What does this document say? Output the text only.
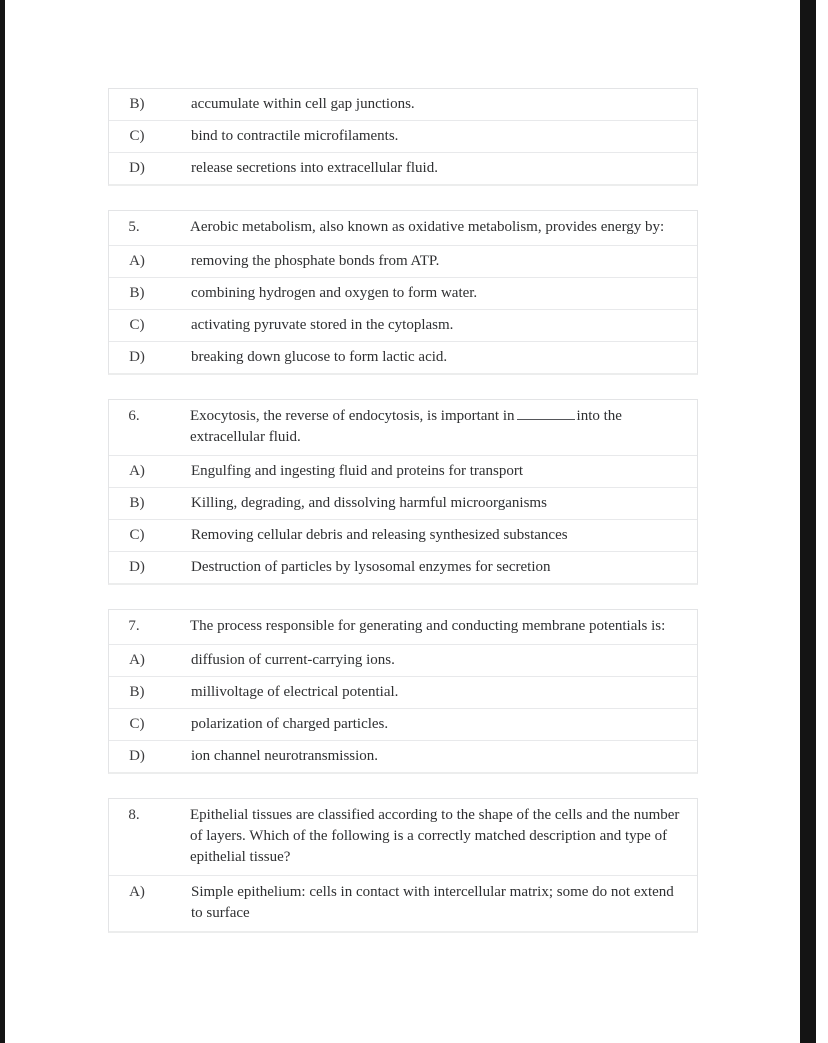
B)	accumulate within cell gap junctions.
C)	bind to contractile microfilaments.
D)	release secretions into extracellular fluid.
5.	Aerobic metabolism, also known as oxidative metabolism, provides energy by:
A)	removing the phosphate bonds from ATP.
B)	combining hydrogen and oxygen to form water.
C)	activating pyruvate stored in the cytoplasm.
D)	breaking down glucose to form lactic acid.
6.	Exocytosis, the reverse of endocytosis, is important in	into the extracellular fluid.
A)	Engulfing and ingesting fluid and proteins for transport
B)	Killing, degrading, and dissolving harmful microorganisms
C)	Removing cellular debris and releasing synthesized substances
D)	Destruction of particles by lysosomal enzymes for secretion
7.	The process responsible for generating and conducting membrane potentials is:
A)	diffusion of current-carrying ions.
B)	millivoltage of electrical potential.
C)	polarization of charged particles.
D)	ion channel neurotransmission.
8.	Epithelial tissues are classified according to the shape of the cells and the number of layers. Which of the following is a correctly matched description and type of epithelial tissue?
A)	Simple epithelium: cells in contact with intercellular matrix; some do not extend to surface
